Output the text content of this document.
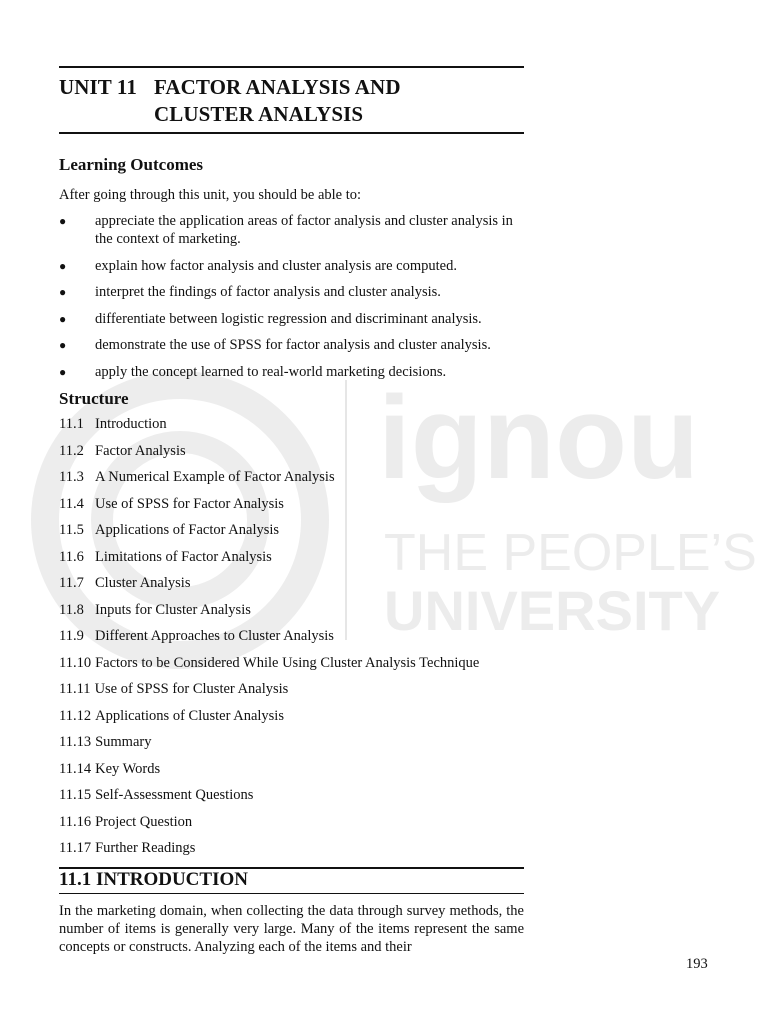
ignou
THE PEOPLE’S
UNIVERSITY
UNIT 11 FACTOR ANALYSIS AND
CLUSTER ANALYSIS
Learning Outcomes
After going through this unit, you should be able to:
● appreciate the application areas of factor analysis and cluster analysis in the context of marketing.
● explain how factor analysis and cluster analysis are computed.
● interpret the findings of factor analysis and cluster analysis.
● differentiate between logistic regression and discriminant analysis.
● demonstrate the use of SPSS for factor analysis and cluster analysis.
● apply the concept learned to real-world marketing decisions.
Structure
11.1 Introduction
11.2 Factor Analysis
11.3 A Numerical Example of Factor Analysis
11.4 Use of SPSS for Factor Analysis
11.5 Applications of Factor Analysis
11.6 Limitations of Factor Analysis
11.7 Cluster Analysis
11.8 Inputs for Cluster Analysis
11.9 Different Approaches to Cluster Analysis
11.10 Factors to be Considered While Using Cluster Analysis Technique
11.11 Use of SPSS for Cluster Analysis
11.12 Applications of Cluster Analysis
11.13 Summary
11.14 Key Words
11.15 Self-Assessment Questions
11.16 Project Question
11.17 Further Readings
11.1 INTRODUCTION
In the marketing domain, when collecting the data through survey methods, the number of items is generally very large. Many of the items represent the same concepts or constructs. Analyzing each of the items and their
193
